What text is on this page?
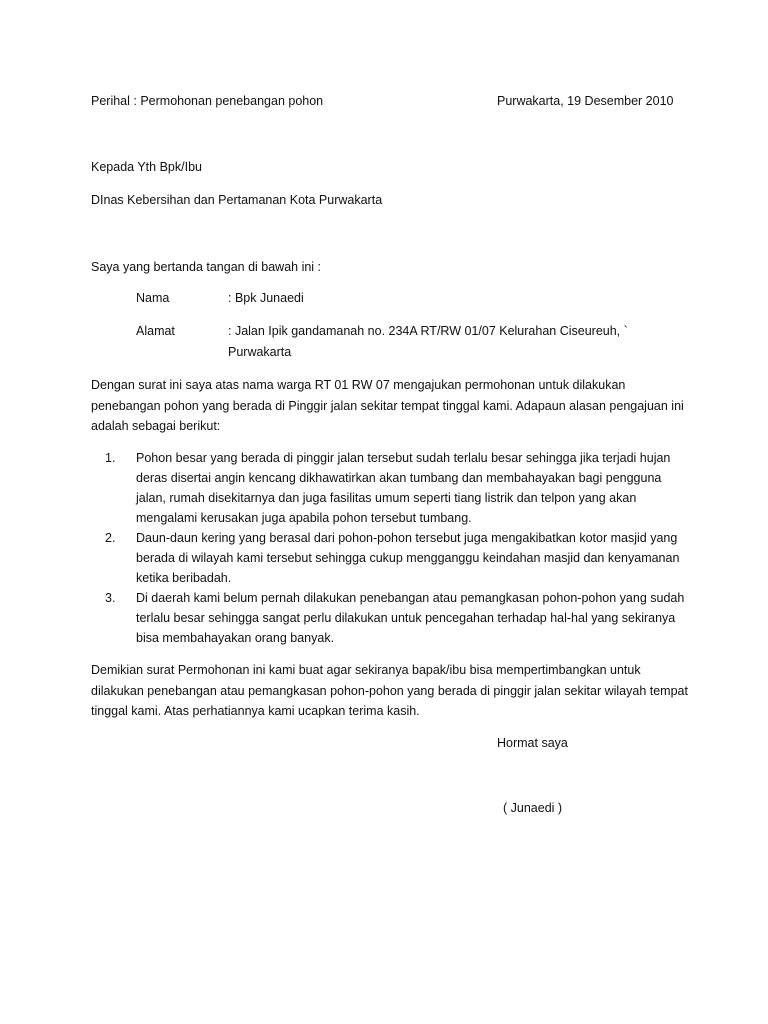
Perihal : Permohonan penebangan pohon	Purwakarta, 19 Desember 2010
Kepada Yth Bpk/Ibu
DInas Kebersihan dan Pertamanan Kota Purwakarta
Saya yang bertanda tangan di bawah ini :
Nama	: Bpk Junaedi
Alamat	: Jalan Ipik gandamanah no. 234A RT/RW 01/07 Kelurahan Ciseureuh, `
Purwakarta

Dengan surat ini saya atas nama warga RT 01 RW 07 mengajukan permohonan untuk dilakukan penebangan pohon yang berada di Pinggir jalan sekitar tempat tinggal kami. Adapaun alasan pengajuan ini adalah sebagai berikut:

1. Pohon besar yang berada di pinggir jalan tersebut sudah terlalu besar sehingga jika terjadi hujan deras disertai angin kencang dikhawatirkan akan tumbang dan membahayakan bagi pengguna jalan, rumah disekitarnya dan juga fasilitas umum seperti tiang listrik dan telpon yang akan mengalami kerusakan juga apabila pohon tersebut tumbang.
2. Daun-daun kering yang berasal dari pohon-pohon tersebut juga mengakibatkan kotor masjid yang berada di wilayah kami tersebut sehingga cukup mengganggu keindahan masjid dan kenyamanan ketika beribadah.
3. Di daerah kami belum pernah dilakukan penebangan atau pemangkasan pohon-pohon yang sudah terlalu besar sehingga sangat perlu dilakukan untuk pencegahan terhadap hal-hal yang sekiranya bisa membahayakan orang banyak.

Demikian surat Permohonan ini kami buat agar sekiranya bapak/ibu bisa mempertimbangkan untuk dilakukan penebangan atau pemangkasan pohon-pohon yang berada di pinggir jalan sekitar wilayah tempat tinggal kami. Atas perhatiannya kami ucapkan terima kasih.

Hormat saya
( Junaedi )
